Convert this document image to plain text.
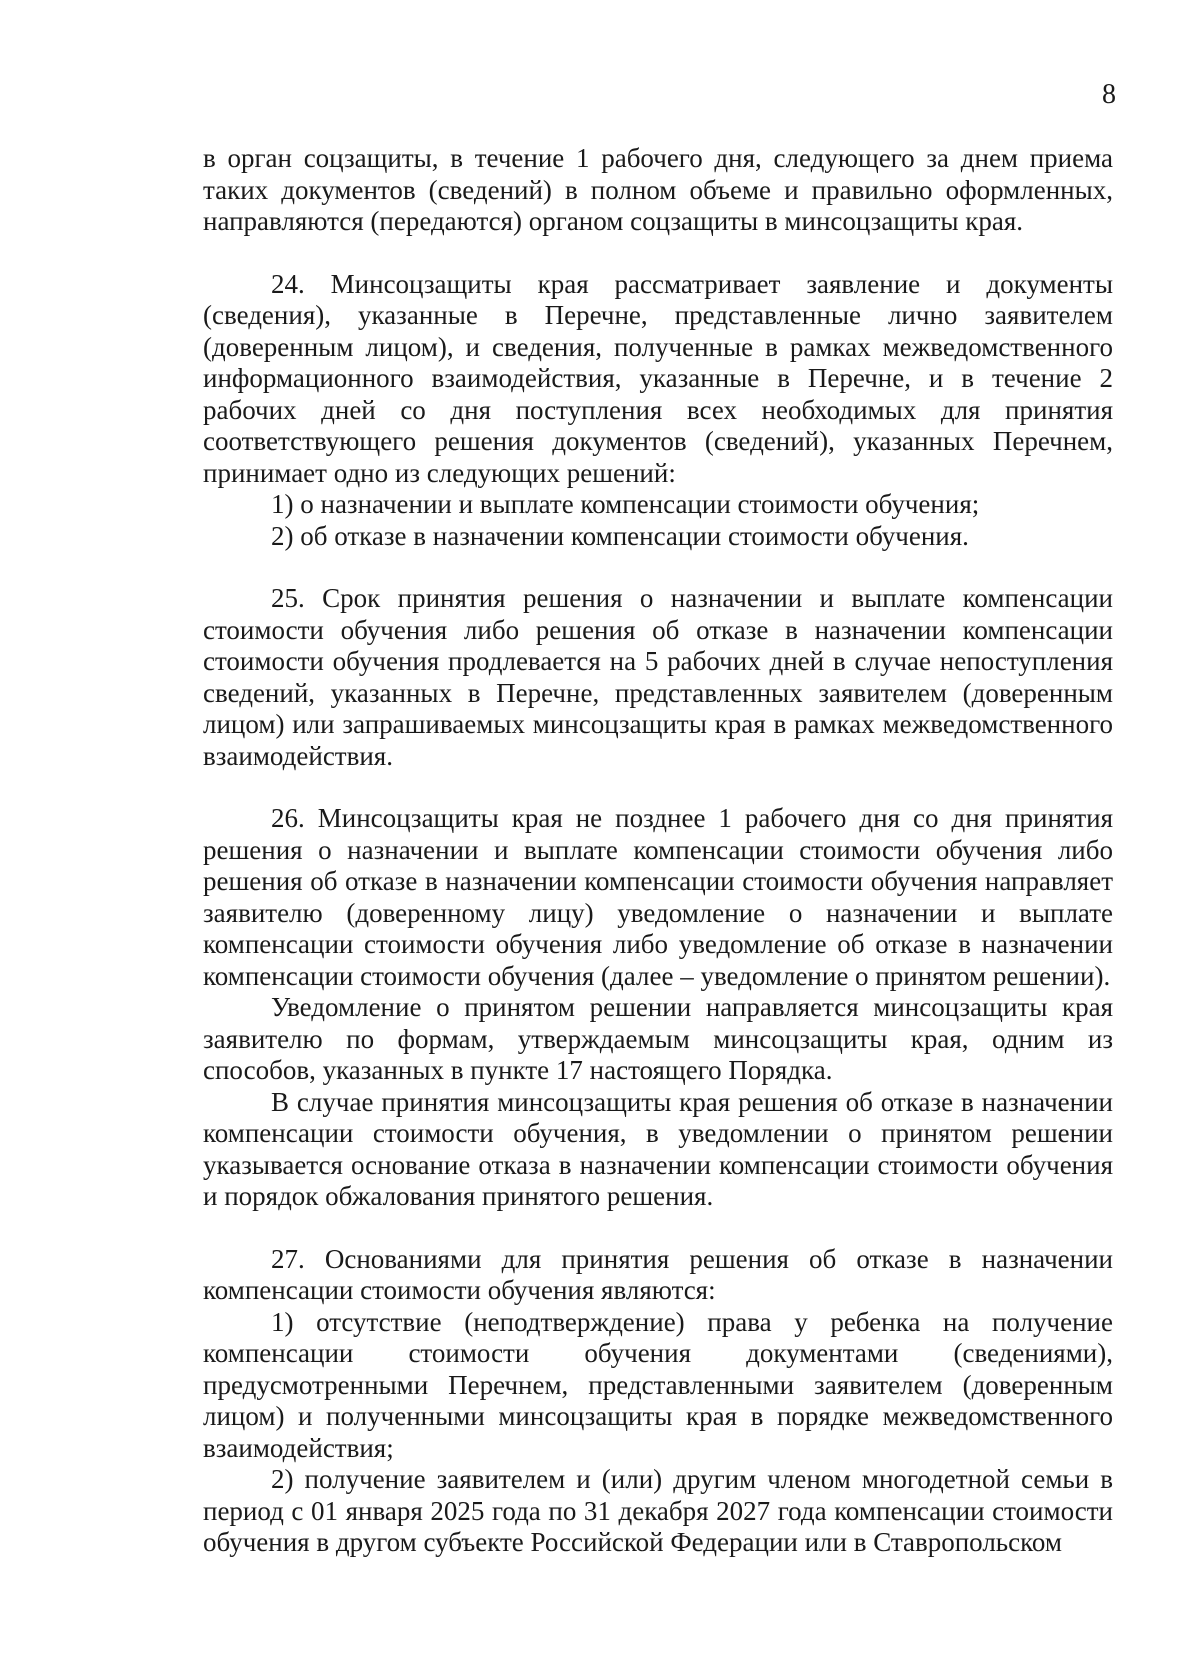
8

в орган соцзащиты, в течение 1 рабочего дня, следующего за днем приема таких документов (сведений) в полном объеме и правильно оформленных, направляются (передаются) органом соцзащиты в минсоцзащиты края.

24. Минсоцзащиты края рассматривает заявление и документы (сведения), указанные в Перечне, представленные лично заявителем (доверенным лицом), и сведения, полученные в рамках межведомственного информационного взаимодействия, указанные в Перечне, и в течение 2 рабочих дней со дня поступления всех необходимых для принятия соответствующего решения документов (сведений), указанных Перечнем, принимает одно из следующих решений:

1) о назначении и выплате компенсации стоимости обучения;

2) об отказе в назначении компенсации стоимости обучения.

25. Срок принятия решения о назначении и выплате компенсации стоимости обучения либо решения об отказе в назначении компенсации стоимости обучения продлевается на 5 рабочих дней в случае непоступления сведений, указанных в Перечне, представленных заявителем (доверенным лицом) или запрашиваемых минсоцзащиты края в рамках межведомственного взаимодействия.

26. Минсоцзащиты края не позднее 1 рабочего дня со дня принятия решения о назначении и выплате компенсации стоимости обучения либо решения об отказе в назначении компенсации стоимости обучения направляет заявителю (доверенному лицу) уведомление о назначении и выплате компенсации стоимости обучения либо уведомление об отказе в назначении компенсации стоимости обучения (далее – уведомление о принятом решении).

Уведомление о принятом решении направляется минсоцзащиты края заявителю по формам, утверждаемым минсоцзащиты края, одним из способов, указанных в пункте 17 настоящего Порядка.

В случае принятия минсоцзащиты края решения об отказе в назначении компенсации стоимости обучения, в уведомлении о принятом решении указывается основание отказа в назначении компенсации стоимости обучения и порядок обжалования принятого решения.

27. Основаниями для принятия решения об отказе в назначении компенсации стоимости обучения являются:

1) отсутствие (неподтверждение) права у ребенка на получение компенсации стоимости обучения документами (сведениями), предусмотренными Перечнем, представленными заявителем (доверенным лицом) и полученными минсоцзащиты края в порядке межведомственного взаимодействия;

2) получение заявителем и (или) другим членом многодетной семьи в период с 01 января 2025 года по 31 декабря 2027 года компенсации стоимости обучения в другом субъекте Российской Федерации или в Ставропольском
